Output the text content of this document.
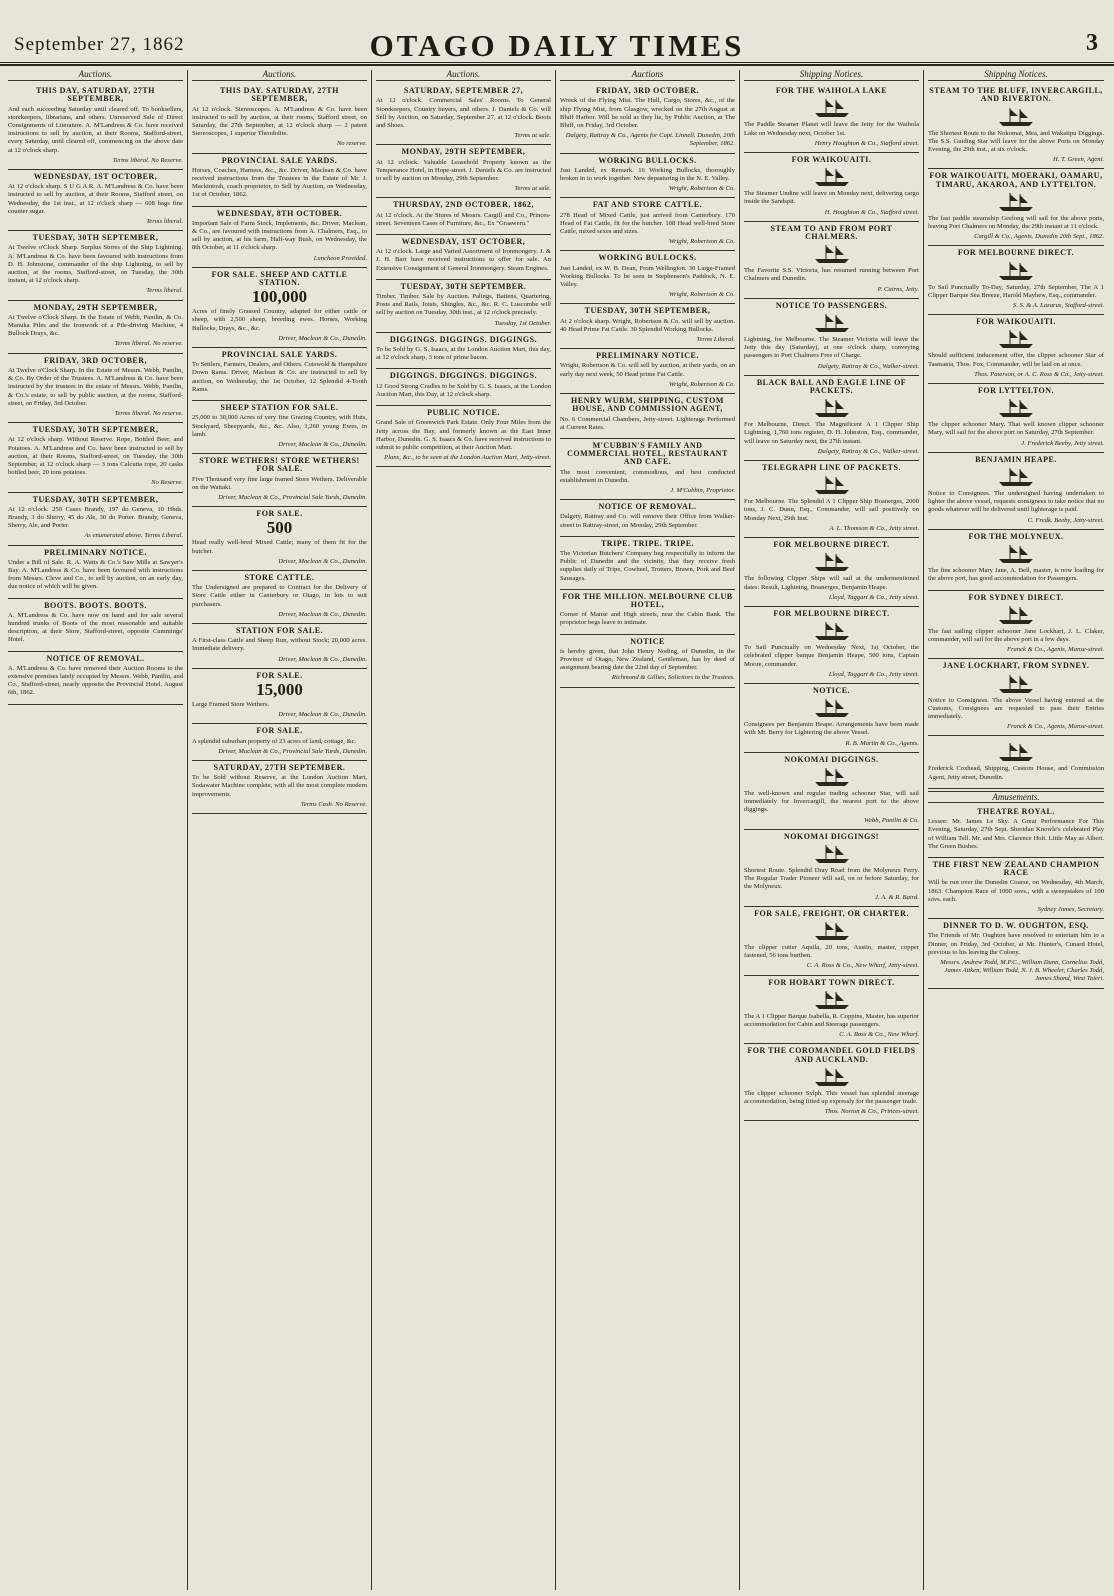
September 27, 1862	OTAGO DAILY TIMES	3
Auctions.
THIS DAY, SATURDAY, 27TH SEPTEMBER,
And each succeeding Saturday until cleared off. To booksellers, storekeepers, librarians, and others. Unreserved Sale of Direct Consignments of Literature. A. M'Landress & Co. have received instructions to sell by auction, at their Rooms, Stafford-street, every Saturday, until cleared off, commencing on the above date at 12 o'clock sharp.
Terms liberal. No Reserve.
WEDNESDAY, 1ST OCTOBER,
At 12 o'clock sharp. S U G A R. A. M'Landress & Co. have been instructed to sell by auction, at their Rooms, Stafford street, on Wednesday, the 1st inst., at 12 o'clock sharp — 608 bags fine counter sugar.
Terms liberal.
TUESDAY, 30TH SEPTEMBER,
At Twelve o'Clock Sharp. Surplus Stores of the Ship Lightning. A. M'Landress & Co. have been favoured with instructions from D. H. Johnstone, commander of the ship Lightning, to sell by auction, at the rooms, Stafford-street, on Tuesday, the 30th instant, at 12 o'clock sharp.
Terms liberal.
MONDAY, 29TH SEPTEMBER,
At Twelve o'Clock Sharp. In the Estate of Webb, Pantlin, & Co. Manuka Piles and the Ironwork of a Pile-driving Machine, 4 Bullock Drays, &c.
Terms liberal. No reserve.
FRIDAY, 3RD OCTOBER,
At Twelve o'Clock Sharp. In the Estate of Messrs. Webb, Pantlin, & Co. By Order of the Trustees. A. M'Landress & Co. have been instructed by the trustees in the estate of Messrs. Webb, Pantlin, & Co.'s estate, to sell by public auction, at the rooms, Stafford-street, on Friday, 3rd October.
Terms liberal. No reserve.
TUESDAY, 30TH SEPTEMBER,
At 12 o'clock sharp. Without Reserve. Rope, Bottled Beer, and Potatoes. A. M'Landress and Co. have been instructed to sell by auction, at their Rooms, Stafford-street, on Tuesday, the 30th September, at 12 o'clock sharp — 3 tons Calcutta rope, 20 casks bottled beer, 20 tons potatoes.
No Reserve.
TUESDAY, 30TH SEPTEMBER,
At 12 o'clock. 250 Cases Brandy, 197 do Geneva, 10 Hhds. Brandy, 3 do Sherry, 45 do Ale, 30 do Porter. Brandy, Geneva, Sherry, Ale, and Porter.
As enumerated above. Terms Liberal.
PRELIMINARY NOTICE.
Under a Bill of Sale. R. A. Watts & Co.'s Saw Mills at Sawyer's Bay. A. M'Landress & Co. have been favoured with instructions from Messrs. Cleve and Co., to sell by auction, on an early day, due notice of which will be given.
BOOTS. BOOTS. BOOTS.
A. M'Landress & Co. have now on hand and for sale several hundred trunks of Boots of the most reasonable and suitable description, at their Store, Stafford-street, opposite Cummings' Hotel.
NOTICE OF REMOVAL.
A. M'Landress & Co. have removed their Auction Rooms to the extensive premises lately occupied by Messrs. Webb, Pantlin, and Co., Stafford-street, nearly opposite the Provincial Hotel. August 6th, 1862.
Auctions.
THIS DAY. SATURDAY, 27TH SEPTEMBER,
At 12 o'clock. Stereoscopes. A. M'Landress & Co. have been instructed to sell by auction, at their rooms, Stafford street, on Saturday, the 27th September, at 12 o'clock sharp — 2 patent Stereoscopes, 1 superior Theodolite.
No reserve.
PROVINCIAL SALE YARDS.
Horses, Coaches, Harness, &c., &c. Driver, Maclean & Co. have received instructions from the Trustees in the Estate of Mr. J. Mackintosh, coach proprietor, to Sell by Auction, on Wednesday, 1st of October, 1862.
WEDNESDAY, 8TH OCTOBER.
Important Sale of Farm Stock, Implements, &c. Driver, Maclean, & Co., are favoured with instructions from A. Chalmers, Esq., to sell by auction, at his farm, Half-way Bush, on Wednesday, the 8th October, at 11 o'clock sharp.
Luncheon Provided.
FOR SALE. SHEEP AND CATTLE STATION.
100,000
Acres of finely Grassed Country, adapted for either cattle or sheep, with 2,500 sheep, breeding ewes. Horses, Working Bullocks, Drays, &c., &c.
Driver, Maclean & Co., Dunedin.
PROVINCIAL SALE YARDS.
To Settlers, Farmers, Dealers, and Others. Cotswold & Hampshire Down Rams. Driver, Maclean & Co. are instructed to sell by auction, on Wednesday, the 1st October, 12 Splendid 4-Tooth Rams.
SHEEP STATION FOR SALE.
25,000 to 30,000 Acres of very fine Grazing Country, with Huts, Stockyard, Sheepyards, &c., &c. Also, 1,260 young Ewes, in lamb.
Driver, Maclean & Co., Dunedin.
STORE WETHERS! STORE WETHERS! FOR SALE.
Five Thousand very fine large framed Store Wethers. Deliverable on the Waitaki.
Driver, Maclean & Co., Provincial Sale Yards, Dunedin.
FOR SALE.
500
Head really well-bred Mixed Cattle; many of them fit for the butcher.
Driver, Maclean & Co., Dunedin.
STORE CATTLE.
The Undersigned are prepared to Contract for the Delivery of Store Cattle either in Canterbury or Otago, in lots to suit purchasers.
Driver, Maclean & Co., Dunedin.
STATION FOR SALE.
A First-class Cattle and Sheep Run, without Stock; 20,000 acres. Immediate delivery.
Driver, Maclean & Co., Dunedin.
FOR SALE.
15,000
Large Framed Store Wethers.
Driver, Maclean & Co., Dunedin.
FOR SALE.
A splendid suburban property of 23 acres of land, cottage, &c.
Driver, Maclean & Co., Provincial Sale Yards, Dunedin.
SATURDAY, 27TH SEPTEMBER.
To be Sold without Reserve, at the London Auction Mart, Sodawater Machine complete, with all the most complete modern improvements.
Terms Cash. No Reserve.
Auctions.
SATURDAY, SEPTEMBER 27,
At 12 o'clock. Commercial Sales' Rooms. To General Storekeepers, Country buyers, and others. J. Daniels & Co. will Sell by Auction, on Saturday, September 27, at 12 o'clock. Boots and Shoes.
Terms at sale.
MONDAY, 29TH SEPTEMBER,
At 12 o'clock. Valuable Leasehold Property known as the Temperance Hotel, in Hope-street. J. Daniels & Co. are instructed to sell by auction on Monday, 29th September.
Terms at sale.
THURSDAY, 2ND OCTOBER, 1862,
At 12 o'clock. At the Stores of Messrs. Cargill and Co., Princes-street. Seventeen Cases of Furniture, &c., Ex "Graaweru."
WEDNESDAY, 1ST OCTOBER,
At 12 o'clock. Large and Varied Assortment of Ironmongery. J. & J. H. Barr have received instructions to offer for sale. An Extensive Consignment of General Ironmongery. Steam Engines.
TUESDAY, 30TH SEPTEMBER.
Timber. Timber. Sale by Auction. Palings, Battens, Quartering, Posts and Rails, Joists, Shingles, &c., &c. R. C. Luscombe will sell by auction on Tuesday, 30th inst., at 12 o'clock precisely.
Tuesday, 1st October.
DIGGINGS. DIGGINGS. DIGGINGS.
To be Sold by G. S. Isaacs, at the London Auction Mart, this day, at 12 o'clock sharp, 3 tons of prime bacon.
DIGGINGS. DIGGINGS. DIGGINGS.
12 Good Strong Cradles to be Sold by G. S. Isaacs, at the London Auction Mart, this Day, at 12 o'clock sharp.
PUBLIC NOTICE.
Grand Sale of Greenwich Park Estate. Only Four Miles from the Jetty across the Bay, and formerly known as the East Inner Harbor, Dunedin. G. S. Isaacs & Co. have received instructions to submit to public competition, at their Auction Mart.
Plans, &c., to be seen at the London Auction Mart, Jetty-street.
Auctions
FRIDAY, 3RD OCTOBER.
Wreck of the Flying Mist. The Hull, Cargo, Stores, &c., of the ship Flying Mist, from Glasgow, wrecked on the 27th August at Bluff Harbor. Will be sold as they lie, by Public Auction, at The Bluff, on Friday, 3rd October.
Dalgety, Rattray & Co., Agents for Capt. Linnell. Dunedin, 20th September, 1862.
WORKING BULLOCKS.
Just Landed, ex Remark. 16 Working Bullocks, thoroughly broken in to work together. New depasturing in the N. E. Valley.
Wright, Robertson & Co.
FAT AND STORE CATTLE.
278 Head of Mixed Cattle, just arrived from Canterbury. 170 Head of Fat Cattle, fit for the butcher. 108 Head well-bred Store Cattle, mixed sexes and sizes.
Wright, Robertson & Co.
WORKING BULLOCKS.
Just Landed, ex W. B. Dean, From Wellington. 30 Large-Framed Working Bullocks. To be seen in Stephenson's Paddock, N. E. Valley.
Wright, Robertson & Co.
TUESDAY, 30TH SEPTEMBER,
At 2 o'clock sharp. Wright, Robertson & Co. will sell by auction. 40 Head Prime Fat Cattle. 30 Splendid Working Bullocks.
Terms Liberal.
PRELIMINARY NOTICE.
Wright, Robertson & Co. will sell by auction, at their yards, on an early day next week, 50 Head prime Fat Cattle.
Wright, Robertson & Co.
HENRY WURM, SHIPPING, CUSTOM HOUSE, AND COMMISSION AGENT,
No. 6 Commercial Chambers, Jetty-street. Lighterage Performed at Current Rates.
M'CUBBIN'S FAMILY AND COMMERCIAL HOTEL, RESTAURANT AND CAFE.
The most convenient, commodious, and best conducted establishment in Dunedin.
J. M'Cubbin, Proprietor.
NOTICE OF REMOVAL.
Dalgety, Rattray and Co. will remove their Office from Walker-street to Rattray-street, on Monday, 29th September.
TRIPE. TRIPE. TRIPE.
The Victorian Butchers' Company beg respectfully to inform the Public of Dunedin and the vicinity, that they receive fresh supplies daily of Tripe, Cowheel, Trotters, Brawn, Pork and Beef Sausages.
FOR THE MILLION. MELBOURNE CLUB HOTEL,
Corner of Manse and High streets, near the Cabin Bank. The proprietor begs leave to intimate.
NOTICE
is hereby given, that John Henry Noding, of Dunedin, in the Province of Otago, New Zealand, Gentleman, has by deed of assignment bearing date the 22nd day of September.
Richmond & Gillies, Solicitors to the Trustees.
Shipping Notices.
FOR THE WAIHOLA LAKE
The Paddle Steamer Planet will leave the Jetty for the Waihola Lake on Wednesday next, October 1st.
Henry Houghton & Co., Stafford street.
FOR WAIKOUAITI.
The Steamer Undine will leave on Monday next, delivering cargo inside the Sandspit.
H. Houghton & Co., Stafford street.
STEAM TO AND FROM PORT CHALMERS.
The Favorite S.S. Victoria, has resumed running between Port Chalmers and Dunedin.
P. Cairns, Jetty.
NOTICE TO PASSENGERS.
Lightning, for Melbourne. The Steamer Victoria will leave the Jetty this day (Saturday), at one o'clock sharp, conveying passengers to Port Chalmers Free of Charge.
Dalgety, Rattray & Co., Walker-street.
BLACK BALL AND EAGLE LINE OF PACKETS.
For Melbourne, Direct. The Magnificent A 1 Clipper Ship Lightning, 1,760 tons register, D. H. Johnston, Esq., commander, will leave on Saturday next, the 27th instant.
Dalgety, Rattray & Co., Walker-street.
TELEGRAPH LINE OF PACKETS.
For Melbourne. The Splendid A 1 Clipper Ship Boanerges, 2000 tons, J. C. Dunn, Esq., Commander, will sail positively on Monday Next, 29th Inst.
A. L. Thomson & Co., Jetty street.
FOR MELBOURNE DIRECT.
The following Clipper Ships will sail at the undermentioned dates: Result, Lightning, Boanerges, Benjamin Heape.
Lloyd, Taggart & Co., Jetty street.
FOR MELBOURNE DIRECT.
To Sail Punctually on Wednesday Next, 1st October, the celebrated clipper barque Benjamin Heape, 500 tons, Captain Moore, commander.
Lloyd, Taggart & Co., Jetty street.
NOTICE.
Consignees per Benjamin Heape. Arrangements have been made with Mr. Berry for Lightering the above Vessel.
R. B. Martin & Co., Agents.
NOKOMAI DIGGINGS.
The well-known and regular trading schooner Star, will sail immediately for Invercargill, the nearest port to the above diggings.
Webb, Pantlin & Co.
NOKOMAI DIGGINGS!
Shortest Route. Splendid Dray Road from the Molyneux Ferry. The Regular Trader Pioneer will sail, on or before Saturday, for the Molyneux.
J. A. & R. Baird.
FOR SALE, FREIGHT, OR CHARTER.
The clipper cutter Aquila, 20 tons, Austin, master, copper fastened, 56 tons burthen.
C. A. Ross & Co., New Wharf, Jetty-street.
FOR HOBART TOWN DIRECT.
The A 1 Clipper Barque Isabella, R. Coppins, Master, has superior accommodation for Cabin and Steerage passengers.
C. A. Ross & Co., New Wharf.
FOR THE COROMANDEL GOLD FIELDS AND AUCKLAND.
The clipper schooner Sylph. This vessel has splendid steerage accommodation, being fitted up expressly for the passenger trade.
Thos. Norton & Co., Princes-street.
Shipping Notices.
STEAM TO THE BLUFF, INVERCARGILL, AND RIVERTON.
The Shortest Route to the Nokomai, Mea, and Wakatipu Diggings. The S.S. Guiding Star will leave for the above Ports on Monday Evening, the 29th inst., at six o'clock.
H. T. Green, Agent.
FOR WAIKOUAITI, MOERAKI, OAMARU, TIMARU, AKAROA, AND LYTTELTON.
The fast paddle steamship Geelong will sail for the above ports, leaving Port Chalmers on Monday, the 29th instant at 11 o'clock.
Cargill & Co., Agents. Dunedin 20th Sept., 1862.
FOR MELBOURNE DIRECT.
To Sail Punctually To-Day, Saturday, 27th September, The A 1 Clipper Barque Sea Breeze, Harold Mayhew, Esq., commander.
S. S. & A. Lazarus, Stafford-street.
FOR WAIKOUAITI.
Should sufficient inducement offer, the clipper schooner Star of Tasmania, Thos. Fox, Commander, will be laid on at once.
Thos. Paterson, or A. C. Ross & Co., Jetty-street.
FOR LYTTELTON.
The clipper schooner Mary. That well known clipper schooner Mary, will sail for the above port on Saturday, 27th September.
J. Frederick Beeby, Jetty street.
BENJAMIN HEAPE.
Notice to Consignees. The undersigned having undertaken to lighter the above vessel, requests consignees to take notice that no goods whatever will be delivered until lighterage is paid.
C. Fredk. Beeby, Jetty-street.
FOR THE MOLYNEUX.
The fine schooner Mary Jane, A. Bell, master, is now loading for the above port, has good accommodation for Passengers.
FOR SYDNEY DIRECT.
The fast sailing clipper schooner Jane Lockhart, J. L. Claker, commander, will sail for the above port in a few days.
Franck & Co., Agents, Manse-street.
JANE LOCKHART, FROM SYDNEY.
Notice to Consignees. The above Vessel having entered at the Customs, Consignees are requested to pass their Entries immediately.
Franck & Co., Agents, Manse-street.
Frederick Coxhead, Shipping, Custom House, and Commission Agent, Jetty street, Dunedin.
Amusements.
THEATRE ROYAL.
Lessee: Mr. James Le Sky. A Great Performance For This Evening, Saturday, 27th Sept. Sheridan Knowle's celebrated Play of William Tell. Mr. and Mrs. Clarence Holt. Little May as Albert. The Green Bushes.
THE FIRST NEW ZEALAND CHAMPION RACE
Will be run over the Dunedin Course, on Wednesday, 4th March, 1863. Champion Race of 1000 sovs., with a sweepstakes of 100 sovs. each.
Sydney James, Secretary.
DINNER TO D. W. OUGHTON, ESQ.
The Friends of Mr. Oughton have resolved to entertain him to a Dinner, on Friday, 3rd October, at Mr. Hunter's, Cunard Hotel, previous to his leaving the Colony.
Messrs. Andrew Todd, M.P.C., William Dunn, Cornelius Todd, James Aitken, William Todd, N. J. B. Wheeler, Charles Todd, James Shand, West Taieri.
